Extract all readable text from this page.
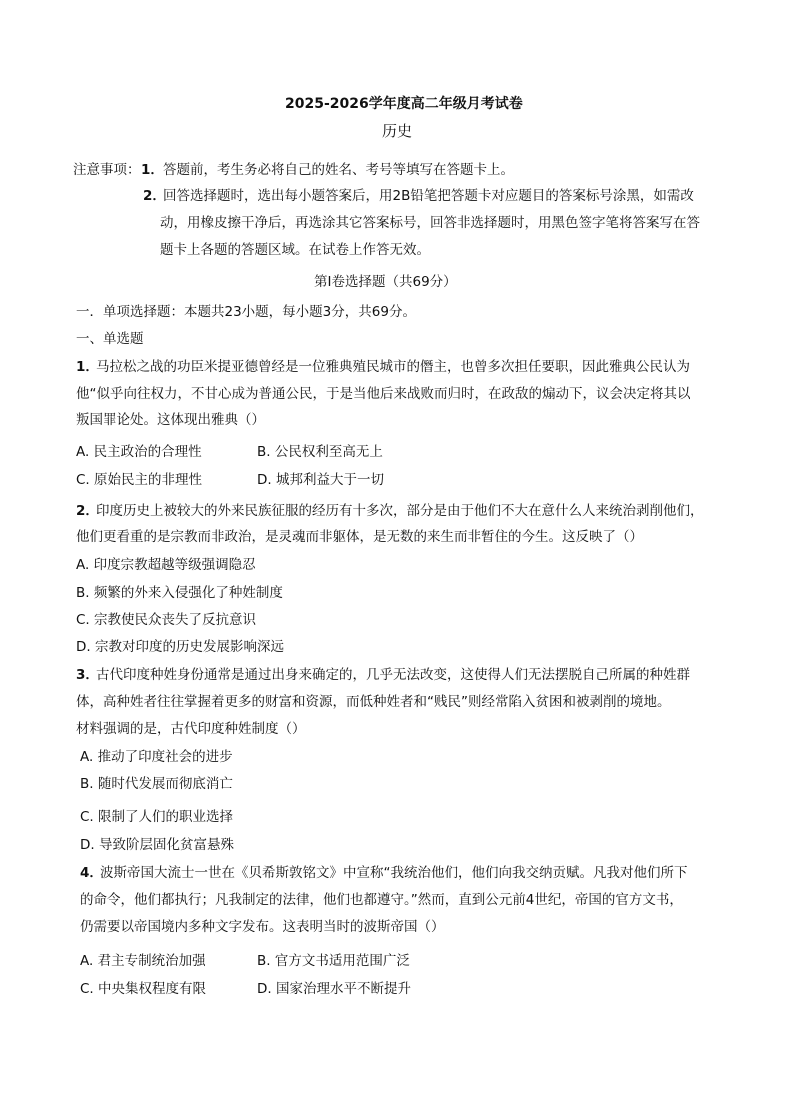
2025-2026学年度高二年级月考试卷
历史
注意事项： 1． 答题前，考生务必将自己的姓名、考号等填写在答题卡上。
2．
回答选择题时，选出每小题答案后，用2B铅笔把答题卡对应题目的答案标号涂黑，如需改
动，用橡皮擦干净后，再选涂其它答案标号，回答非选择题时，用黑色签字笔将答案写在答
题卡上各题的答题区域。在试卷上作答无效。
第Ⅰ卷选择题（共69分）
一．单项选择题：本题共23小题，每小题3分，共69分。
一、单选题
1．
马拉松之战的功臣米提亚德曾经是一位雅典殖民城市的僭主，也曾多次担任要职，因此雅典公民认为
他“似乎向往权力，不甘心成为普通公民，于是当他后来战败而归时，在政敌的煽动下，议会决定将其以
叛国罪论处。这体现出雅典（）
A. 民主政治的合理性	B. 公民权利至高无上
C. 原始民主的非理性	D. 城邦利益大于一切
2．
印度历史上被较大的外来民族征服的经历有十多次，部分是由于他们不大在意什么人来统治剥削他们，
他们更看重的是宗教而非政治，是灵魂而非躯体，是无数的来生而非暂住的今生。这反映了（）
A. 印度宗教超越等级强调隐忍
B. 频繁的外来入侵强化了种姓制度
C. 宗教使民众丧失了反抗意识
D. 宗教对印度的历史发展影响深远
3．
古代印度种姓身份通常是通过出身来确定的，几乎无法改变，这使得人们无法摆脱自己所属的种姓群
体，高种姓者往往掌握着更多的财富和资源，而低种姓者和“贱民”则经常陷入贫困和被剥削的境地。
材料强调的是，古代印度种姓制度（）
A. 推动了印度社会的进步
B. 随时代发展而彻底消亡
C. 限制了人们的职业选择
D. 导致阶层固化贫富悬殊
4．
波斯帝国大流士一世在《贝希斯敦铭文》中宣称“我统治他们，他们向我交纳贡赋。凡我对他们所下
的命令，他们都执行；凡我制定的法律，他们也都遵守。”然而，直到公元前4世纪，帝国的官方文书，
仍需要以帝国境内多种文字发布。这表明当时的波斯帝国（）
A. 君主专制统治加强	B. 官方文书适用范围广泛
C. 中央集权程度有限	D. 国家治理水平不断提升
